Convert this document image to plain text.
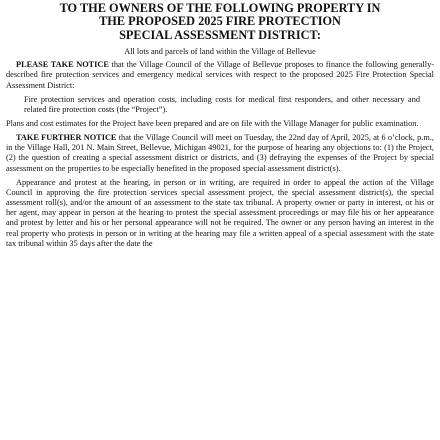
TO THE OWNERS OF THE FOLLOWING PROPERTY IN
THE PROPOSED 2025 FIRE PROTECTION
SPECIAL ASSESSMENT DISTRICT:
All lots and parcels of land within the Village of Bellevue

PLEASE TAKE NOTICE that the Village Council of the Village of Bellevue proposes to finance the following generally-described fire protection services and emergency medical services with respect to the proposed 2025 Fire Protection Special Assessment District:

Fire protection services and operation costs, including costs for medical first responders, and other necessary and related fire protection costs (the “Project”).

Plans and cost estimates for the Project have been prepared and are on file with the Village Manager for public examination.

TAKE FURTHER NOTICE that the Village Council will meet on Tuesday, the 22nd day of April, 2025, at 6 o’clock, p.m., in the Village Hall, 201 N. Main Street, Bellevue, Michigan 49021, for the purpose of hearing any objections to: (1) the Project, (2) the question of creating a special assessment district or districts, and (3) defraying the expenses of the Project by special assessment on the properties to be especially benefited in the proposed special assessment district(s).

Appearance and protest at the hearing, in person or in writing, are required in order to appeal the action of the Village Council in approving the fire protection services special assessment project, the special assessment district(s), the special assessment roll(s), and/or the amount of an assessment to the state tax tribunal. A property owner or party in interest, or his or her agent, may appear in person at the hearing to protest the special assessment proceedings or may file his or her appearance and protest by letter and his or her personal appearance will not be required. The owner or any person having an interest in the real property who protests in person or in writing at the hearing may file a written appeal of a special assessment with the state tax tribunal within 35 days after the date the
